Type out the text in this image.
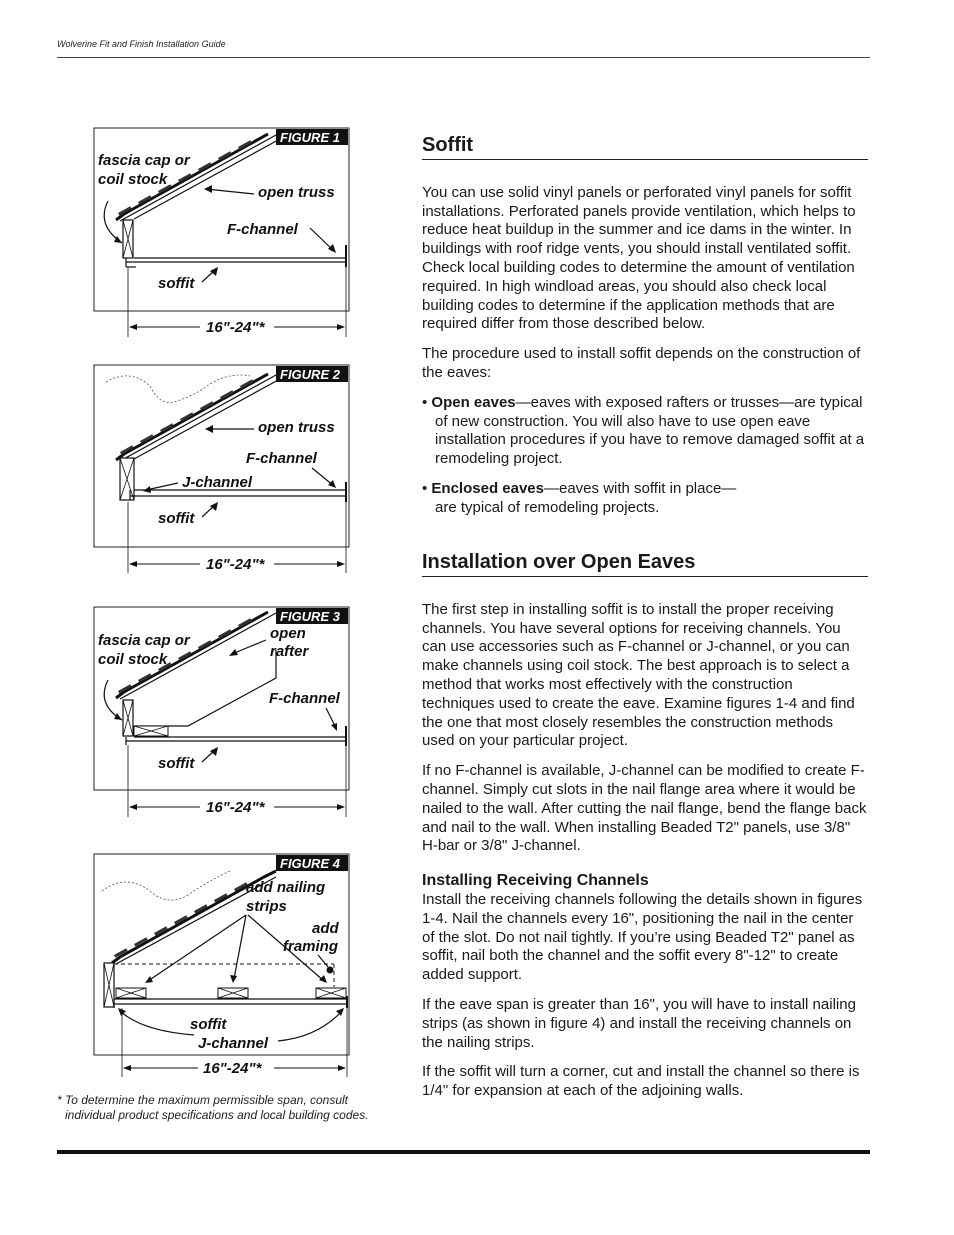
Wolverine Fit and Finish Installation Guide
FIGURE 1
fascia cap or
coil stock
open truss
F-channel
soffit
16"-24"*
FIGURE 2
open truss
F-channel
J-channel
soffit
16"-24"*
FIGURE 3
fascia cap or
coil stock
open
rafter
F-channel
soffit
16"-24"*
FIGURE 4
add nailing
strips
add
framing
soffit
J-channel
16"-24"*
* To determine the maximum permissible span, consult
individual product specifications and local building codes.
Soffit

You can use solid vinyl panels or perforated vinyl panels for soffit installations. Perforated panels provide ventilation, which helps to reduce heat buildup in the summer and ice dams in the winter. In buildings with roof ridge vents, you should install ventilated soffit. Check local building codes to determine the amount of ventilation required. In high windload areas, you should also check local building codes to determine if the application methods that are required differ from those described below.

The procedure used to install soffit depends on the construction of the eaves:

• Open eaves—eaves with exposed rafters or trusses—are typical of new construction. You will also have to use open eave installation procedures if you have to remove damaged soffit at a remodeling project.

• Enclosed eaves—eaves with soffit in place—
are typical of remodeling projects.

Installation over Open Eaves

The first step in installing soffit is to install the proper receiving channels. You have several options for receiving channels. You can use accessories such as F-channel or J-channel, or you can make channels using coil stock. The best approach is to select a method that works most effectively with the construction techniques used to create the eave. Examine figures 1-4 and find the one that most closely resembles the construction methods used on your particular project.

If no F-channel is available, J-channel can be modified to create F-channel. Simply cut slots in the nail flange area where it would be nailed to the wall. After cutting the nail flange, bend the flange back and nail to the wall. When installing Beaded T2" panels, use 3/8" H-bar or 3/8" J-channel.

Installing Receiving Channels

Install the receiving channels following the details shown in figures 1-4. Nail the channels every 16", positioning the nail in the center of the slot. Do not nail tightly. If you’re using Beaded T2" panel as soffit, nail both the channel and the soffit every 8"-12" to create added support.

If the eave span is greater than 16", you will have to install nailing strips (as shown in figure 4) and install the receiving channels on the nailing strips.

If the soffit will turn a corner, cut and install the channel so there is 1/4" for expansion at each of the adjoining walls.
